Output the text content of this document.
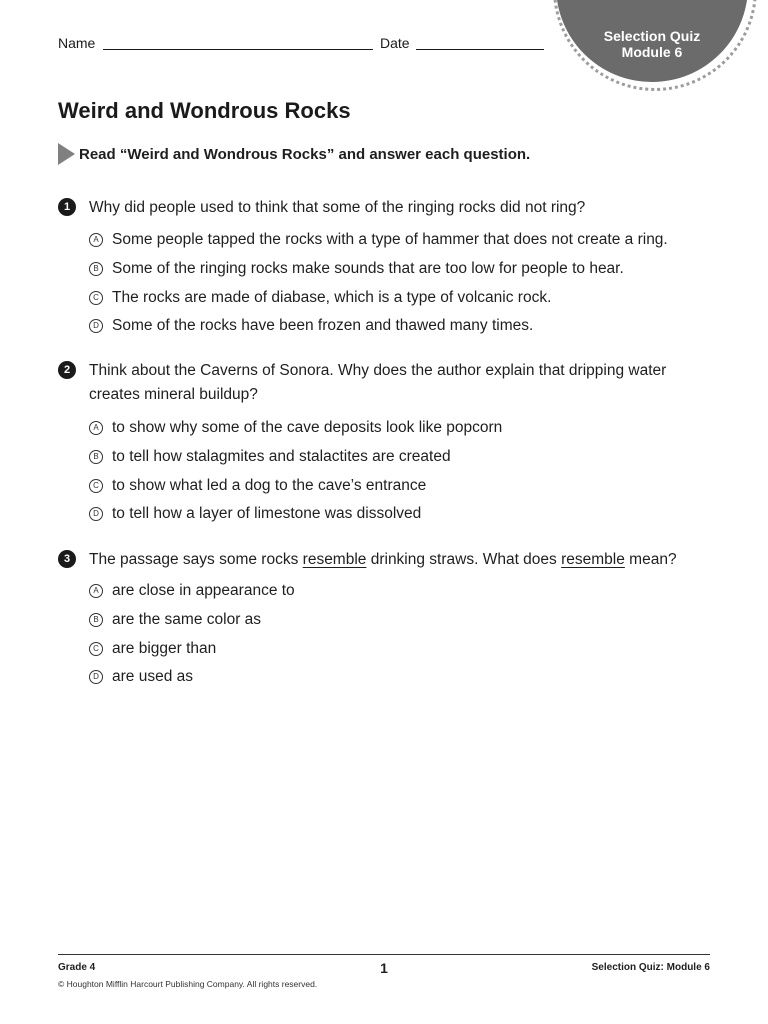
Name	Date	Selection Quiz
Module 6
Weird and Wondrous Rocks
Read “Weird and Wondrous Rocks” and answer each question.
1	Why did people used to think that some of the ringing rocks did not ring?
A Some people tapped the rocks with a type of hammer that does not create a ring.
B Some of the ringing rocks make sounds that are too low for people to hear.
C The rocks are made of diabase, which is a type of volcanic rock.
D Some of the rocks have been frozen and thawed many times.
2	Think about the Caverns of Sonora. Why does the author explain that dripping water creates mineral buildup?
A to show why some of the cave deposits look like popcorn
B to tell how stalagmites and stalactites are created
C to show what led a dog to the cave’s entrance
D to tell how a layer of limestone was dissolved
3	The passage says some rocks resemble drinking straws. What does resemble mean?
A are close in appearance to
B are the same color as
C are bigger than
D are used as
Grade 4	1	Selection Quiz: Module 6
© Houghton Mifflin Harcourt Publishing Company. All rights reserved.
